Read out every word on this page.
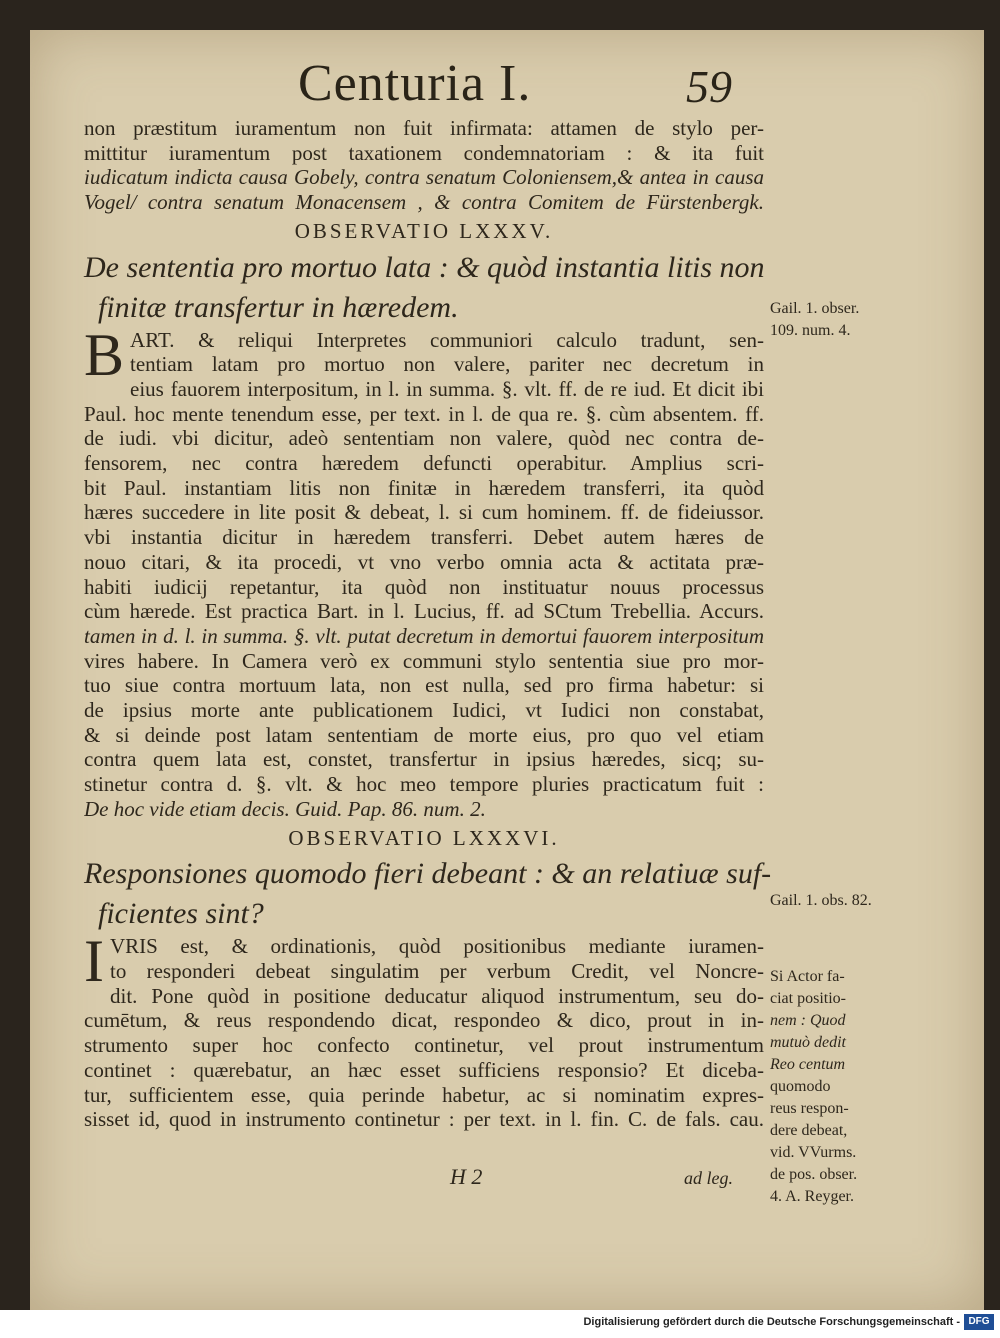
Centuria I.	59
non præstitum iuramentum non fuit infirmata: attamen de stylo per-
mittitur iuramentum post taxationem condemnatoriam : & ita fuit
iudicatum indicta causa Gobely, contra senatum Coloniensem,& antea in causa
Vogel/ contra senatum Monacensem , & contra Comitem de Fürstenbergk.
OBSERVATIO LXXXV.
De sententia pro mortuo lata : & quòd instantia litis non
finitæ transfertur in hæredem.
B ART. & reliqui Interpretes communiori calculo tradunt, sen-
tentiam latam pro mortuo non valere, pariter nec decretum in
eius fauorem interpositum, in l. in summa. §. vlt. ff. de re iud. Et dicit ibi
Paul. hoc mente tenendum esse, per text. in l. de qua re. §. cùm absentem. ff.
de iudi. vbi dicitur, adeò sententiam non valere, quòd nec contra de-
fensorem, nec contra hæredem defuncti operabitur. Amplius scri-
bit Paul. instantiam litis non finitæ in hæredem transferri, ita quòd
hæres succedere in lite posit & debeat, l. si cum hominem. ff. de fideiussor.
vbi instantia dicitur in hæredem transferri. Debet autem hæres de
nouo citari, & ita procedi, vt vno verbo omnia acta & actitata præ-
habiti iudicij repetantur, ita quòd non instituatur nouus processus
cùm hærede. Est practica Bart. in l. Lucius, ff. ad SCtum Trebellia. Accurs.
tamen in d. l. in summa. §. vlt. putat decretum in demortui fauorem interpositum
vires habere. In Camera verò ex communi stylo sententia siue pro mor-
tuo siue contra mortuum lata, non est nulla, sed pro firma habetur: si
de ipsius morte ante publicationem Iudici, vt Iudici non constabat,
& si deinde post latam sententiam de morte eius, pro quo vel etiam
contra quem lata est, constet, transfertur in ipsius hæredes, sicq; su-
stinetur contra d. §. vlt. & hoc meo tempore pluries practicatum fuit :
De hoc vide etiam decis. Guid. Pap. 86. num. 2.
OBSERVATIO LXXXVI.
Responsiones quomodo fieri debeant : & an relatiuæ suf-
ficientes sint?
I VRIS est, & ordinationis, quòd positionibus mediante iuramen-
to responderi debeat singulatim per verbum Credit, vel Noncre-
dit. Pone quòd in positione deducatur aliquod instrumentum, seu do-
cumētum, & reus respondendo dicat, respondeo & dico, prout in in-
strumento super hoc confecto continetur, vel prout instrumentum
continet : quærebatur, an hæc esset sufficiens responsio? Et diceba-
tur, sufficientem esse, quia perinde habetur, ac si nominatim expres-
sisset id, quod in instrumento continetur : per text. in l. fin. C. de fals. cau.
Gail. 1. obser. 109. num. 4.
Gail. 1. obs. 82.
Si Actor fa-
ciat positio-
nem : Quod
mutuò dedit
Reo centum
quomodo
reus respon-
dere debeat,
vid. VVurms.
de pos. obser.
4. A. Reyger.
H 2	ad leg.
Digitalisierung gefördert durch die Deutsche Forschungsgemeinschaft - DFG
